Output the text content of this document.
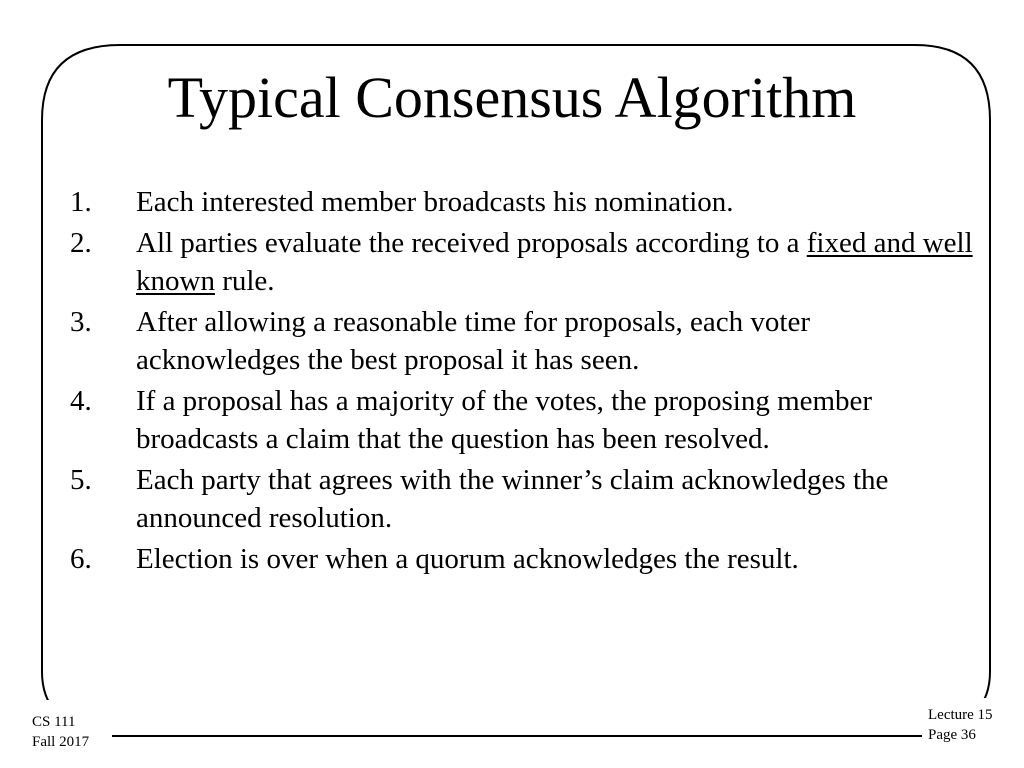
Typical Consensus Algorithm
1. Each interested member broadcasts his nomination.
2. All parties evaluate the received proposals according to a fixed and well known rule.
3. After allowing a reasonable time for proposals, each voter acknowledges the best proposal it has seen.
4. If a proposal has a majority of the votes, the proposing member broadcasts a claim that the question has been resolved.
5. Each party that agrees with the winner’s claim acknowledges the announced resolution.
6. Election is over when a quorum acknowledges the result.
CS 111
Fall 2017
Lecture 15
Page 36
